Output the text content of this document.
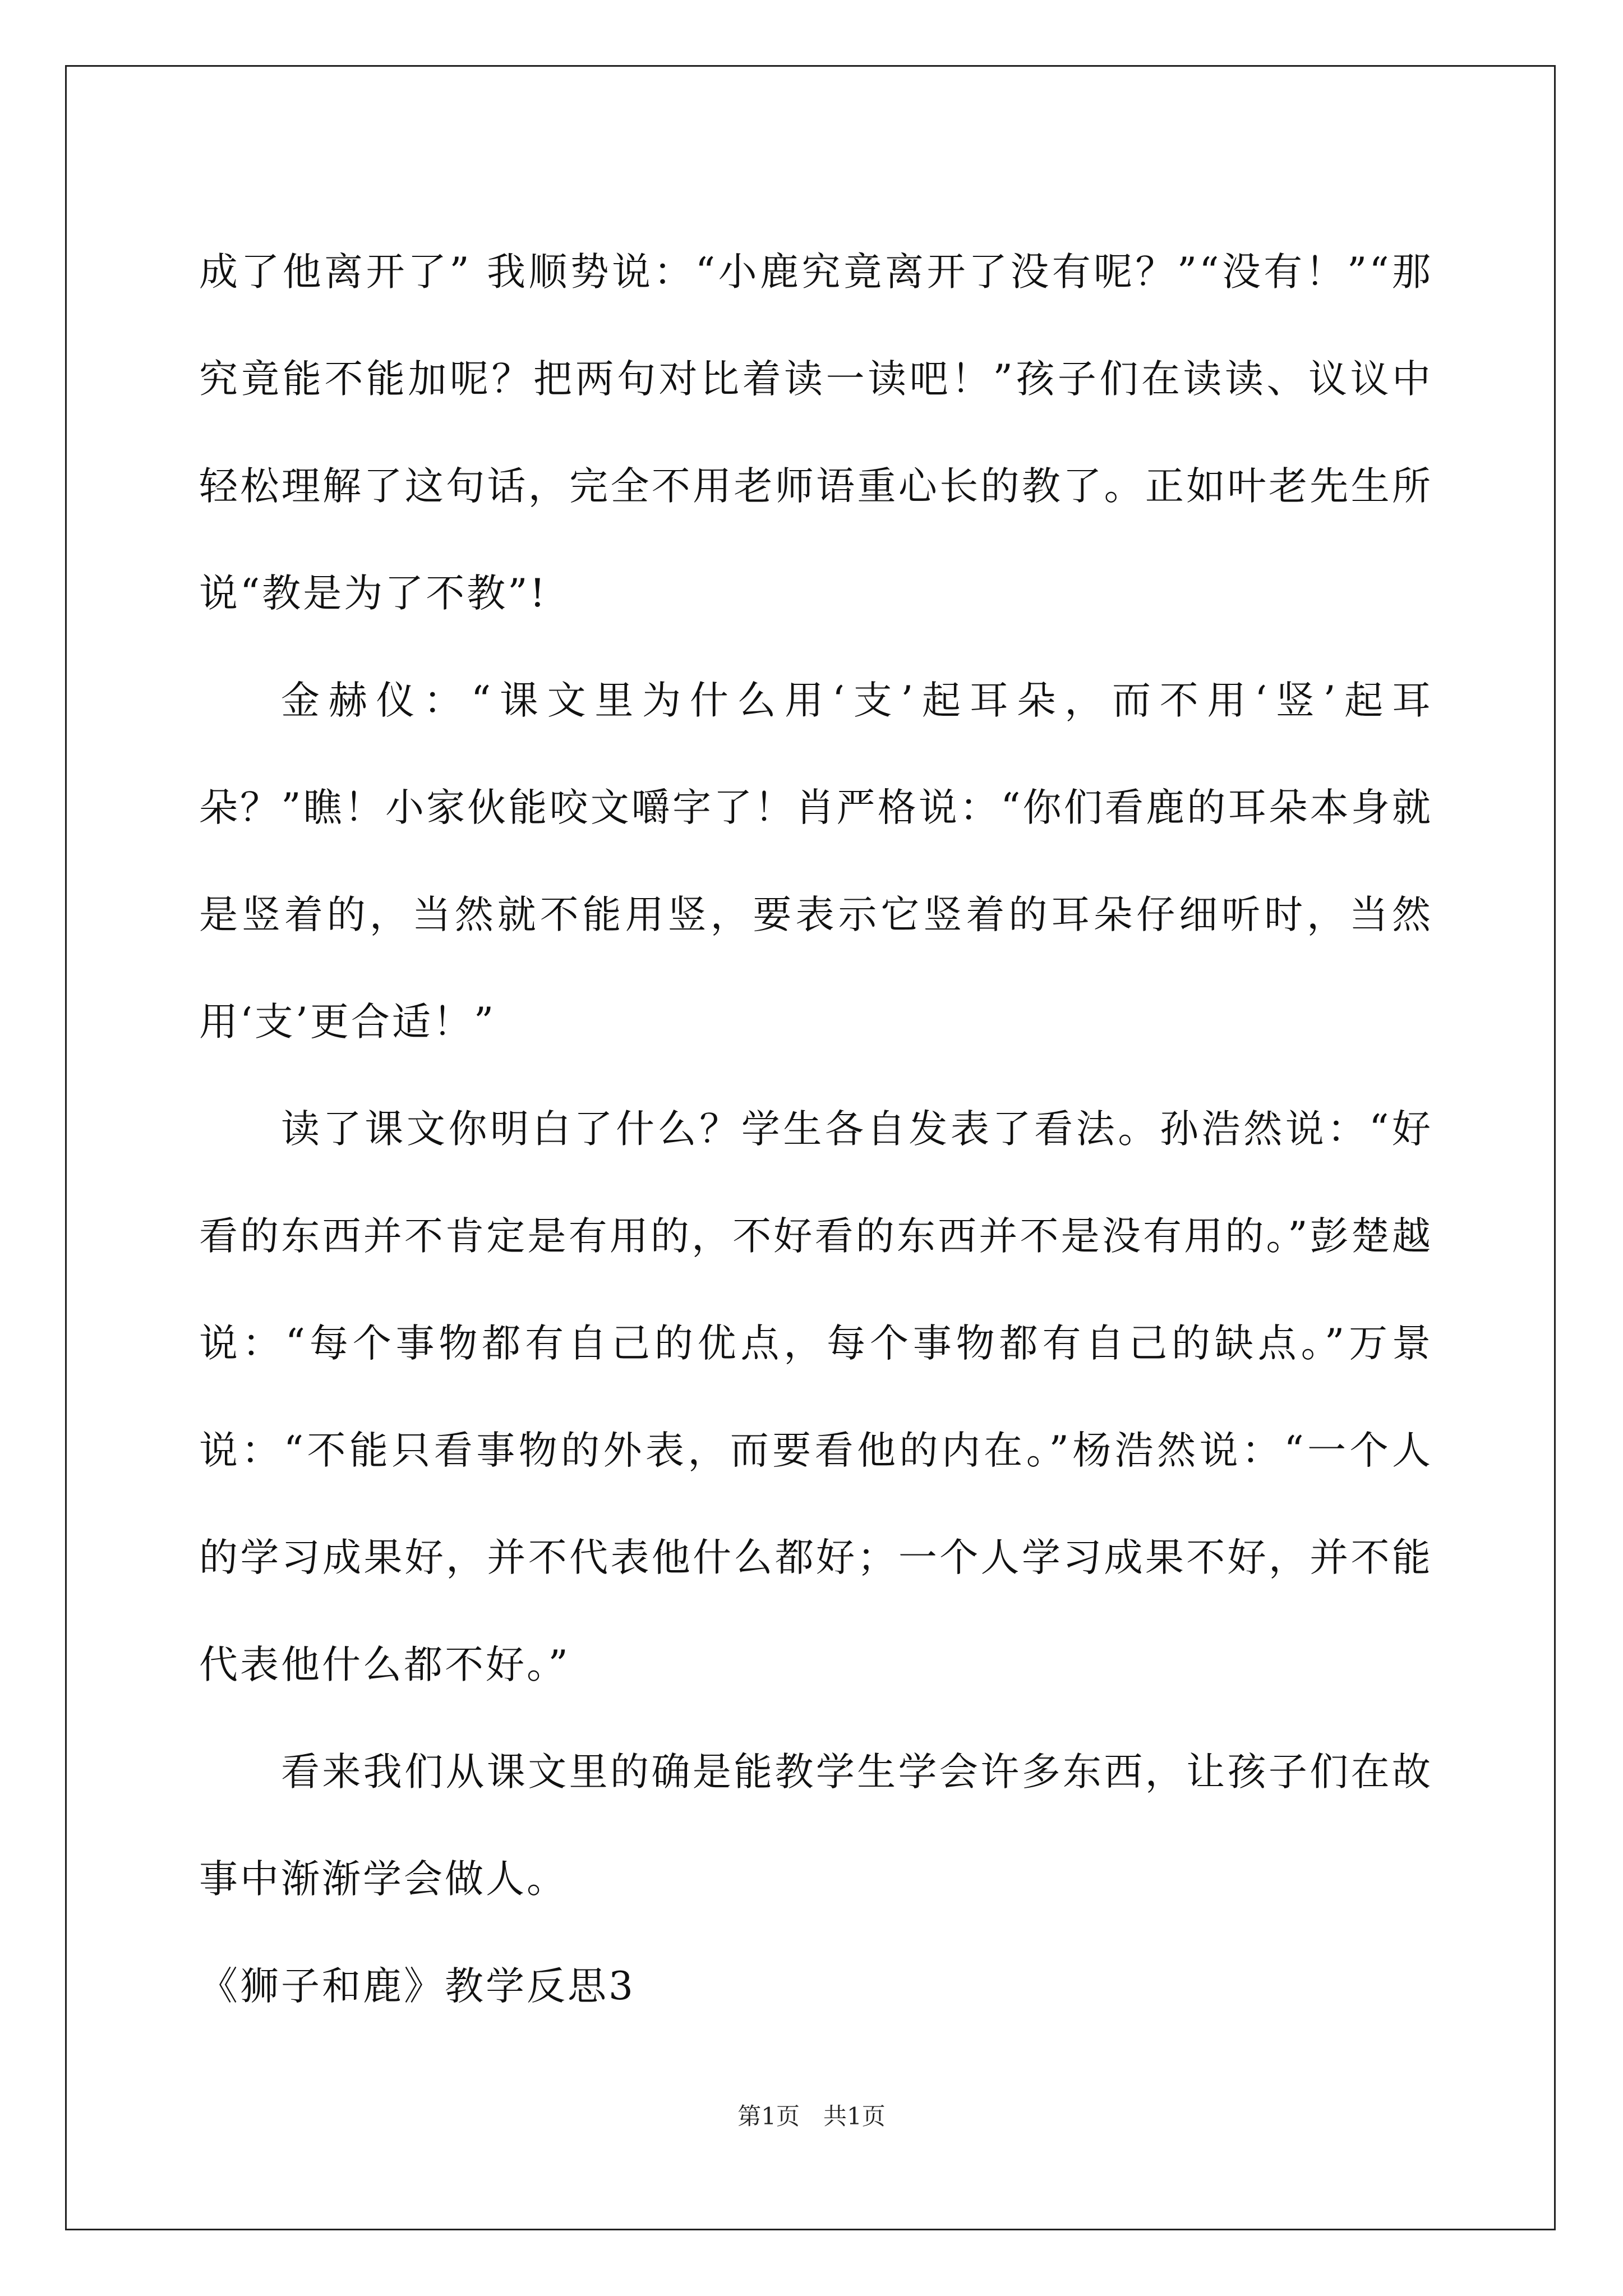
成了他离开了” 我顺势说：“小鹿究竟离开了没有呢？”“没有！”“那究竟能不能加呢？把两句对比着读一读吧！”孩子们在读读、议议中轻松理解了这句话，完全不用老师语重心长的教了。正如叶老先生所说“教是为了不教”!

金赫仪：“课文里为什么用‘支’起耳朵，而不用‘竖’起耳朵？”瞧！小家伙能咬文嚼字了！肖严格说：“你们看鹿的耳朵本身就是竖着的，当然就不能用竖，要表示它竖着的耳朵仔细听时，当然用‘支’更合适！”

读了课文你明白了什么？学生各自发表了看法。孙浩然说：“好看的东西并不肯定是有用的，不好看的东西并不是没有用的。”彭楚越说：“每个事物都有自己的优点，每个事物都有自己的缺点。”万景说：“不能只看事物的外表，而要看他的内在。”杨浩然说：“一个人的学习成果好，并不代表他什么都好；一个人学习成果不好，并不能代表他什么都不好。”

看来我们从课文里的确是能教学生学会许多东西，让孩子们在故事中渐渐学会做人。

《狮子和鹿》教学反思3

第1页　共1页
